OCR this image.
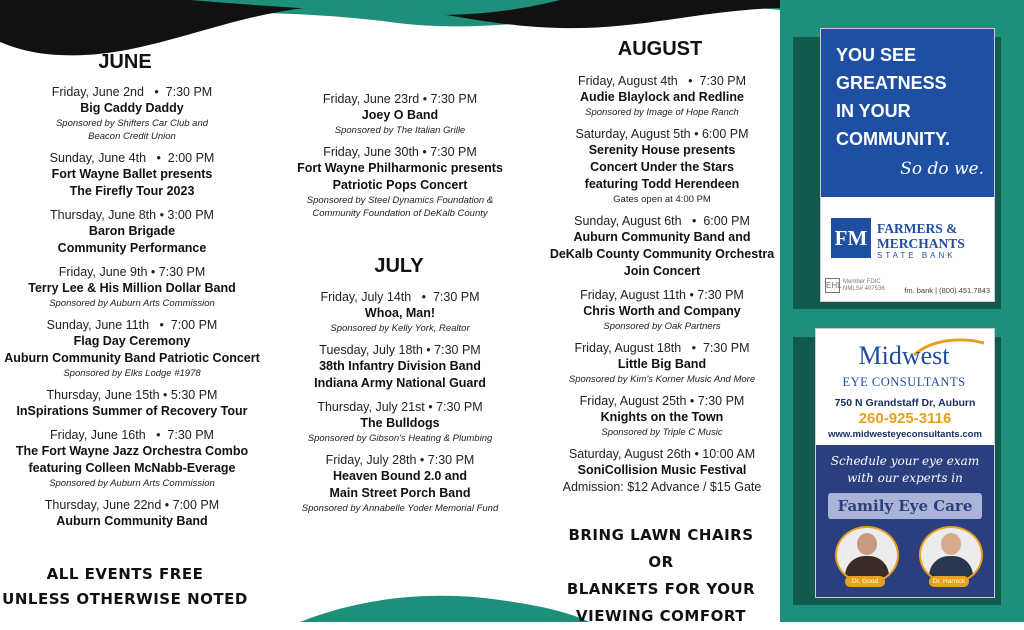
JUNE
Friday, June 2nd   •  7:30 PM
Big Caddy Daddy
Sponsored by Shifters Car Club and
Beacon Credit Union
Sunday, June 4th   •  2:00 PM
Fort Wayne Ballet presents
The Firefly Tour 2023
Thursday, June 8th • 3:00 PM
Baron Brigade
Community Performance
Friday, June 9th • 7:30 PM
Terry Lee & His Million Dollar Band
Sponsored by Auburn Arts Commission
Sunday, June 11th   •  7:00 PM
Flag Day Ceremony
Auburn Community Band Patriotic Concert
Sponsored by Elks Lodge #1978
Thursday, June 15th • 5:30 PM
InSpirations Summer of Recovery Tour
Friday, June 16th   •  7:30 PM
The Fort Wayne Jazz Orchestra Combo
featuring Colleen McNabb-Everage
Sponsored by Auburn Arts Commission
Thursday, June 22nd • 7:00 PM
Auburn Community Band
ALL EVENTS FREE
UNLESS OTHERWISE NOTED
Friday, June 23rd • 7:30 PM
Joey O Band
Sponsored by The Italian Grille
Friday, June 30th • 7:30 PM
Fort Wayne Philharmonic presents
Patriotic Pops Concert
Sponsored by Steel Dynamics Foundation &
Community Foundation of DeKalb County
JULY
Friday, July 14th   •  7:30 PM
Whoa, Man!
Sponsored by Kelly York, Realtor
Tuesday, July 18th • 7:30 PM
38th Infantry Division Band
Indiana Army National Guard
Thursday, July 21st • 7:30 PM
The Bulldogs
Sponsored by Gibson's Heating & Plumbing
Friday, July 28th • 7:30 PM
Heaven Bound 2.0 and
Main Street Porch Band
Sponsored by Annabelle Yoder Memorial Fund
AUGUST
Friday, August 4th   •  7:30 PM
Audie Blaylock and Redline
Sponsored by Image of Hope Ranch
Saturday, August 5th • 6:00 PM
Serenity House presents
Concert Under the Stars
featuring Todd Herendeen
Gates open at 4:00 PM
Sunday, August 6th   •  6:00 PM
Auburn Community Band and
DeKalb County Community Orchestra
Join Concert
Friday, August 11th • 7:30 PM
Chris Worth and Company
Sponsored by Oak Partners
Friday, August 18th   •  7:30 PM
Little Big Band
Sponsored by Kim's Korner Music And More
Friday, August 25th • 7:30 PM
Knights on the Town
Sponsored by Triple C Music
Saturday, August 26th • 10:00 AM
SoniCollision Music Festival
Admission: $12 Advance / $15 Gate
BRING LAWN CHAIRS OR
BLANKETS FOR YOUR
VIEWING COMFORT
YOU SEE
GREATNESS
IN YOUR
COMMUNITY.
So do we.
FM FARMERS &
MERCHANTS
STATE BANK
EHL Member FDIC
NMLS# 407536	fm. bank | (800) 451.7843
Midwest
EYE CONSULTANTS
750 N Grandstaff Dr, Auburn
260-925-3116
www.midwesteyeconsultants.com
Schedule your eye exam
with our experts in
Family Eye Care
Dr. Good	Dr. Harnick
